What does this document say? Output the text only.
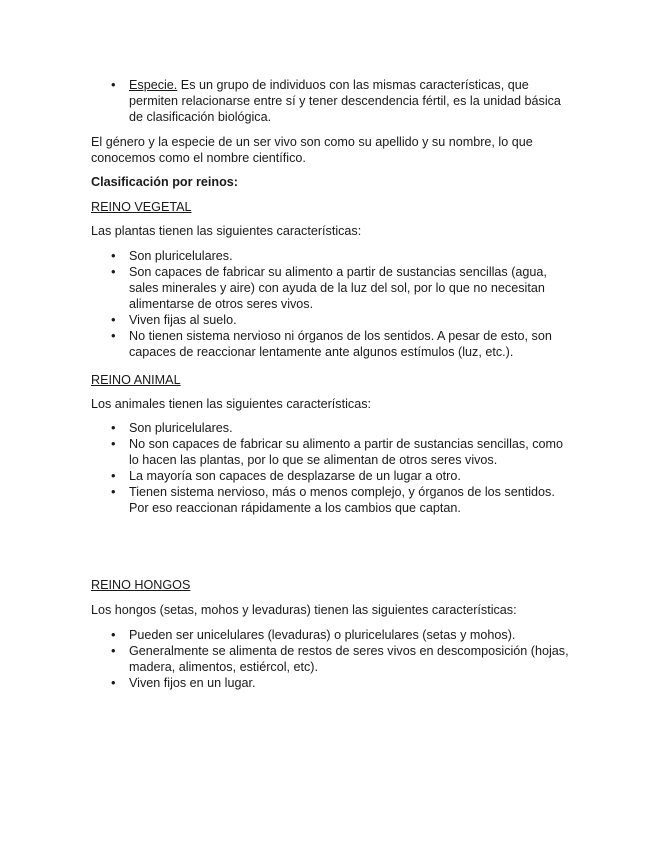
• Especie. Es un grupo de individuos con las mismas características, que permiten relacionarse entre sí y tener descendencia fértil, es la unidad básica de clasificación biológica.

El género y la especie de un ser vivo son como su apellido y su nombre, lo que conocemos como el nombre científico.

Clasificación por reinos:

REINO VEGETAL

Las plantas tienen las siguientes características:

• Son pluricelulares.
• Son capaces de fabricar su alimento a partir de sustancias sencillas (agua, sales minerales y aire) con ayuda de la luz del sol, por lo que no necesitan alimentarse de otros seres vivos.
• Viven fijas al suelo.
• No tienen sistema nervioso ni órganos de los sentidos. A pesar de esto, son capaces de reaccionar lentamente ante algunos estímulos (luz, etc.).

REINO ANIMAL

Los animales tienen las siguientes características:

• Son pluricelulares.
• No son capaces de fabricar su alimento a partir de sustancias sencillas, como lo hacen las plantas, por lo que se alimentan de otros seres vivos.
• La mayoría son capaces de desplazarse de un lugar a otro.
• Tienen sistema nervioso, más o menos complejo, y órganos de los sentidos. Por eso reaccionan rápidamente a los cambios que captan.

REINO HONGOS

Los hongos (setas, mohos y levaduras) tienen las siguientes características:

• Pueden ser unicelulares (levaduras) o pluricelulares (setas y mohos).
• Generalmente se alimenta de restos de seres vivos en descomposición (hojas, madera, alimentos, estiércol, etc).
• Viven fijos en un lugar.
